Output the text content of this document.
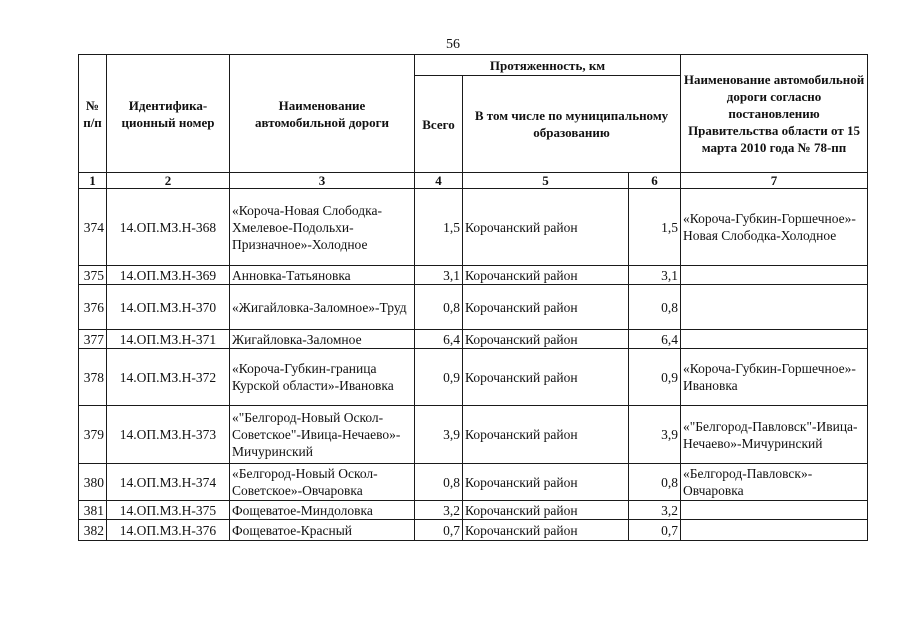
56
№ п/п	Идентифика-ционный номер	Наименование автомобильной дороги	Протяженность, км			Наименование автомобильной дороги согласно постановлению Правительства области от 15 марта 2010 года № 78-пп
			Всего	В том числе по муниципальному образованию		
1	2	3	4	5	6	7
374	14.ОП.МЗ.Н-368	«Короча-Новая Слободка-Хмелевое-Подольхи-Призначное»-Холодное	1,5	Корочанский район	1,5	«Короча-Губкин-Горшечное»-Новая Слободка-Холодное
375	14.ОП.МЗ.Н-369	Анновка-Татьяновка	3,1	Корочанский район	3,1	
376	14.ОП.МЗ.Н-370	«Жигайловка-Заломное»-Труд	0,8	Корочанский район	0,8	
377	14.ОП.МЗ.Н-371	Жигайловка-Заломное	6,4	Корочанский район	6,4	
378	14.ОП.МЗ.Н-372	«Короча-Губкин-граница Курской области»-Ивановка	0,9	Корочанский район	0,9	«Короча-Губкин-Горшечное»-Ивановка
379	14.ОП.МЗ.Н-373	«"Белгород-Новый Оскол-Советское"-Ивица-Нечаево»-Мичуринский	3,9	Корочанский район	3,9	«"Белгород-Павловск"-Ивица-Нечаево»-Мичуринский
380	14.ОП.МЗ.Н-374	«Белгород-Новый Оскол-Советское»-Овчаровка	0,8	Корочанский район	0,8	«Белгород-Павловск»-Овчаровка
381	14.ОП.МЗ.Н-375	Фощеватое-Миндоловка	3,2	Корочанский район	3,2	
382	14.ОП.МЗ.Н-376	Фощеватое-Красный	0,7	Корочанский район	0,7	
